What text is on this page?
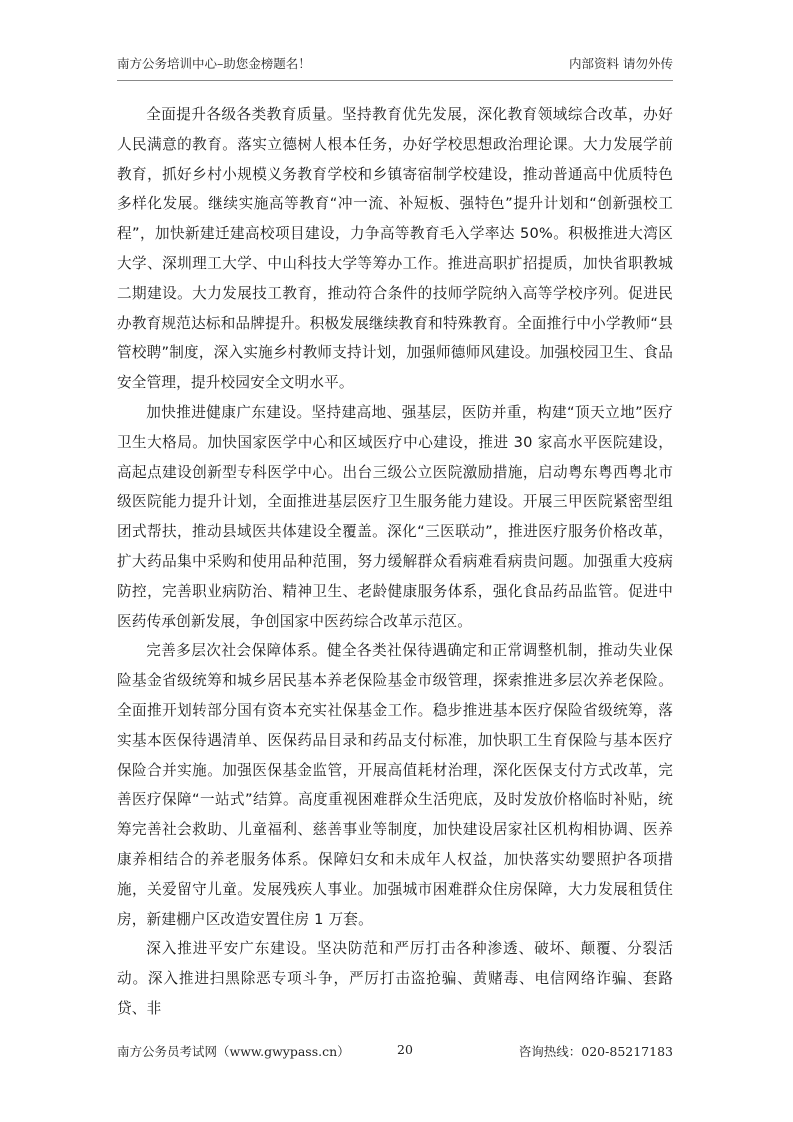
南方公务培训中心–助您金榜题名！	内部资料 请勿外传

全面提升各级各类教育质量。坚持教育优先发展，深化教育领域综合改革，办好人民满意的教育。落实立德树人根本任务，办好学校思想政治理论课。大力发展学前教育，抓好乡村小规模义务教育学校和乡镇寄宿制学校建设，推动普通高中优质特色多样化发展。继续实施高等教育“冲一流、补短板、强特色”提升计划和“创新强校工程”，加快新建迁建高校项目建设，力争高等教育毛入学率达 50%。积极推进大湾区大学、深圳理工大学、中山科技大学等筹办工作。推进高职扩招提质，加快省职教城二期建设。大力发展技工教育，推动符合条件的技师学院纳入高等学校序列。促进民办教育规范达标和品牌提升。积极发展继续教育和特殊教育。全面推行中小学教师“县管校聘”制度，深入实施乡村教师支持计划，加强师德师风建设。加强校园卫生、食品安全管理，提升校园安全文明水平。

加快推进健康广东建设。坚持建高地、强基层，医防并重，构建“顶天立地”医疗卫生大格局。加快国家医学中心和区域医疗中心建设，推进 30 家高水平医院建设，高起点建设创新型专科医学中心。出台三级公立医院激励措施，启动粤东粤西粤北市级医院能力提升计划，全面推进基层医疗卫生服务能力建设。开展三甲医院紧密型组团式帮扶，推动县域医共体建设全覆盖。深化“三医联动”，推进医疗服务价格改革，扩大药品集中采购和使用品种范围，努力缓解群众看病难看病贵问题。加强重大疫病防控，完善职业病防治、精神卫生、老龄健康服务体系，强化食品药品监管。促进中医药传承创新发展，争创国家中医药综合改革示范区。

完善多层次社会保障体系。健全各类社保待遇确定和正常调整机制，推动失业保险基金省级统筹和城乡居民基本养老保险基金市级管理，探索推进多层次养老保险。全面推开划转部分国有资本充实社保基金工作。稳步推进基本医疗保险省级统筹，落实基本医保待遇清单、医保药品目录和药品支付标准，加快职工生育保险与基本医疗保险合并实施。加强医保基金监管，开展高值耗材治理，深化医保支付方式改革，完善医疗保障“一站式”结算。高度重视困难群众生活兜底，及时发放价格临时补贴，统筹完善社会救助、儿童福利、慈善事业等制度，加快建设居家社区机构相协调、医养康养相结合的养老服务体系。保障妇女和未成年人权益，加快落实幼婴照护各项措施，关爱留守儿童。发展残疾人事业。加强城市困难群众住房保障，大力发展租赁住房，新建棚户区改造安置住房 1 万套。

深入推进平安广东建设。坚决防范和严厉打击各种渗透、破坏、颠覆、分裂活动。深入推进扫黑除恶专项斗争，严厉打击盗抢骗、黄赌毒、电信网络诈骗、套路贷、非

南方公务员考试网（www.gwypass.cn）	20	咨询热线：020-85217183
